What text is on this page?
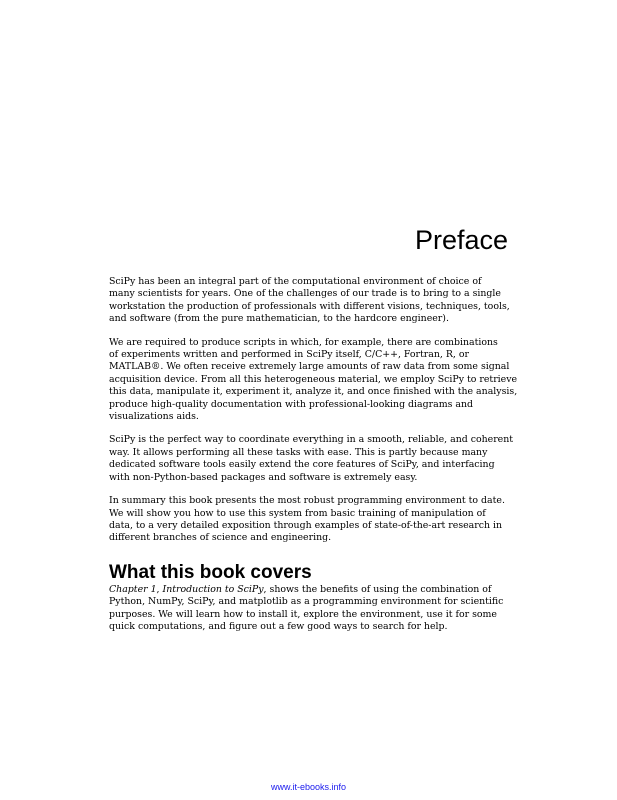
Preface

SciPy has been an integral part of the computational environment of choice of
many scientists for years. One of the challenges of our trade is to bring to a single
workstation the production of professionals with different visions, techniques, tools,
and software (from the pure mathematician, to the hardcore engineer).

We are required to produce scripts in which, for example, there are combinations
of experiments written and performed in SciPy itself, C/C++, Fortran, R, or
MATLAB®. We often receive extremely large amounts of raw data from some signal
acquisition device. From all this heterogeneous material, we employ SciPy to retrieve
this data, manipulate it, experiment it, analyze it, and once finished with the analysis,
produce high-quality documentation with professional-looking diagrams and
visualizations aids.

SciPy is the perfect way to coordinate everything in a smooth, reliable, and coherent
way. It allows performing all these tasks with ease. This is partly because many
dedicated software tools easily extend the core features of SciPy, and interfacing
with non-Python-based packages and software is extremely easy.

In summary this book presents the most robust programming environment to date.
We will show you how to use this system from basic training of manipulation of
data, to a very detailed exposition through examples of state-of-the-art research in
different branches of science and engineering.

What this book covers

Chapter 1, Introduction to SciPy, shows the benefits of using the combination of
Python, NumPy, SciPy, and matplotlib as a programming environment for scientific
purposes. We will learn how to install it, explore the environment, use it for some
quick computations, and figure out a few good ways to search for help.

www.it-ebooks.info
